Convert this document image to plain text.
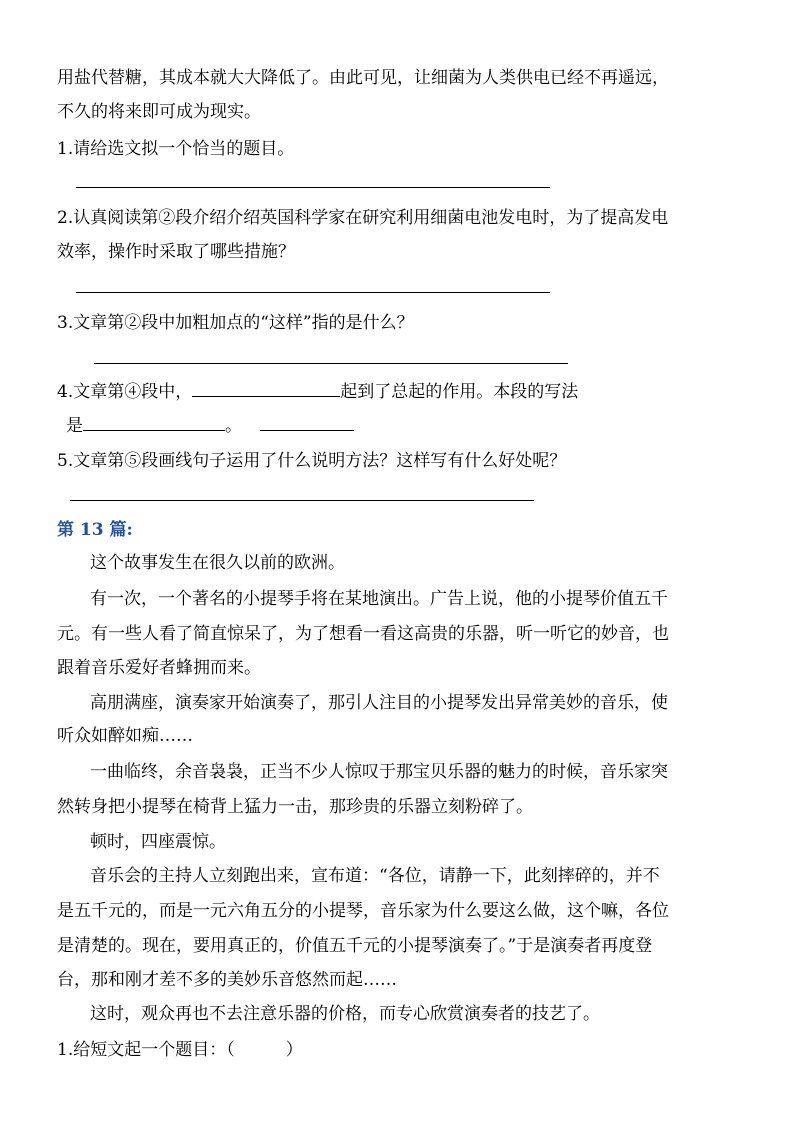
用盐代替糖，其成本就大大降低了。由此可见，让细菌为人类供电已经不再遥远，
不久的将来即可成为现实。
1.请给选文拟一个恰当的题目。
2.认真阅读第②段介绍介绍英国科学家在研究利用细菌电池发电时，为了提高发电
效率，操作时采取了哪些措施？
3.文章第②段中加粗加点的“这样”指的是什么？
4.文章第④段中，	起到了总起的作用。本段的写法
是	。
5.文章第⑤段画线句子运用了什么说明方法？这样写有什么好处呢？
第 13 篇:
这个故事发生在很久以前的欧洲。
有一次，一个著名的小提琴手将在某地演出。广告上说，他的小提琴价值五千
元。有一些人看了简直惊呆了，为了想看一看这高贵的乐器，听一听它的妙音，也
跟着音乐爱好者蜂拥而来。
高朋满座，演奏家开始演奏了，那引人注目的小提琴发出异常美妙的音乐，使
听众如醉如痴……
一曲临终，余音袅袅，正当不少人惊叹于那宝贝乐器的魅力的时候，音乐家突
然转身把小提琴在椅背上猛力一击，那珍贵的乐器立刻粉碎了。
顿时，四座震惊。
音乐会的主持人立刻跑出来，宣布道：“各位，请静一下，此刻摔碎的，并不
是五千元的，而是一元六角五分的小提琴，音乐家为什么要这么做，这个嘛，各位
是清楚的。现在，要用真正的，价值五千元的小提琴演奏了。”于是演奏者再度登
台，那和刚才差不多的美妙乐音悠然而起……
这时，观众再也不去注意乐器的价格，而专心欣赏演奏者的技艺了。
1.给短文起一个题目：（　　　）
